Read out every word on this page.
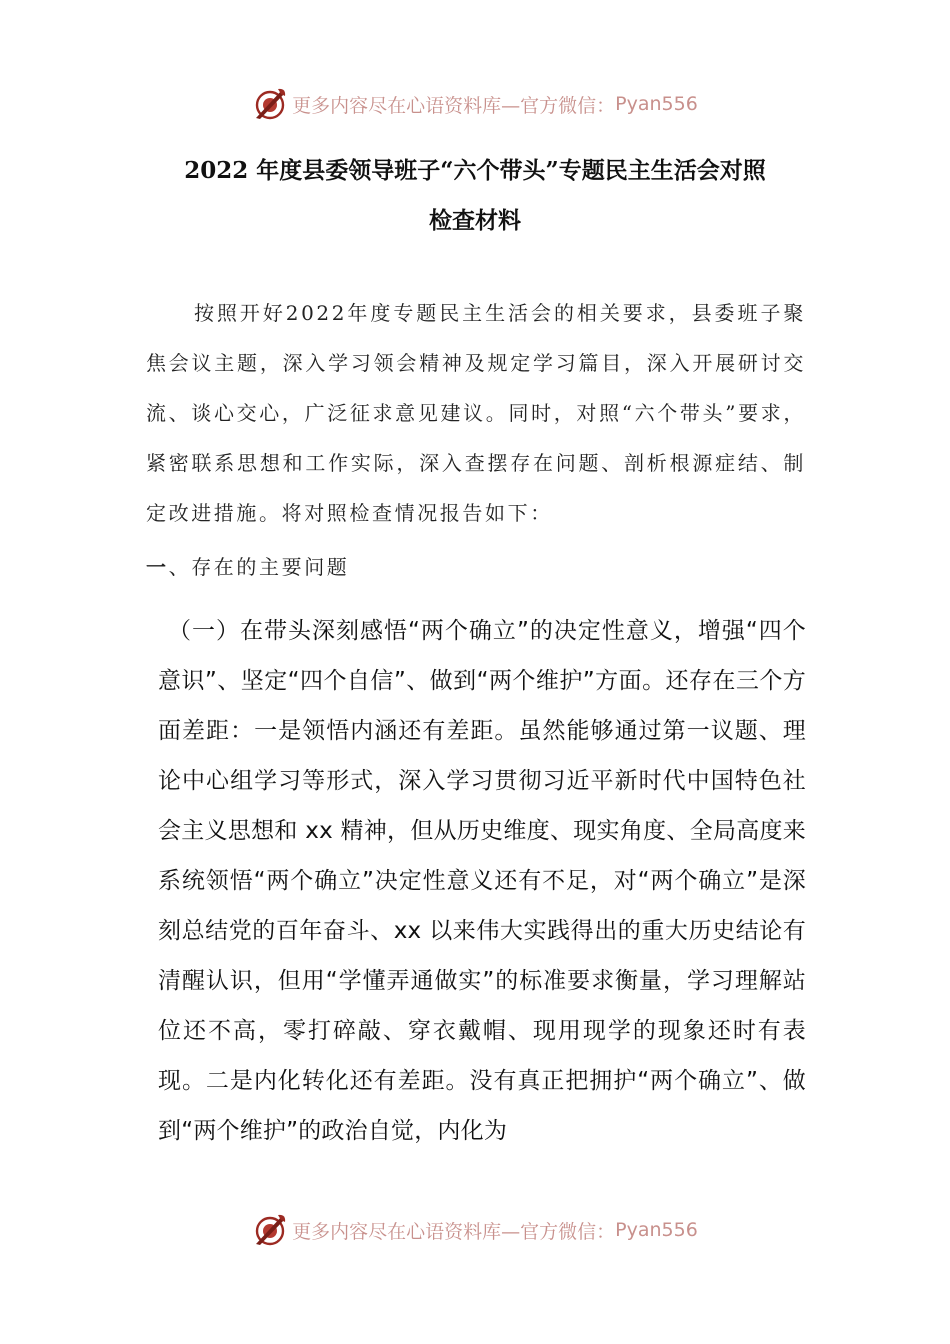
更多内容尽在心语资料库—官方微信： Pyan556
2022 年度县委领导班子“六个带头”专题民主生活会对照
检查材料
按照开好2022年度专题民主生活会的相关要求，县委班子聚焦会议主题，深入学习领会精神及规定学习篇目，深入开展研讨交流、谈心交心，广泛征求意见建议。同时，对照“六个带头”要求，紧密联系思想和工作实际，深入查摆存在问题、剖析根源症结、制定改进措施。将对照检查情况报告如下：
一、存在的主要问题
（一）在带头深刻感悟“两个确立”的决定性意义，增强“四个意识”、坚定“四个自信”、做到“两个维护”方面。还存在三个方面差距：一是领悟内涵还有差距。虽然能够通过第一议题、理论中心组学习等形式，深入学习贯彻习近平新时代中国特色社会主义思想和 xx 精神，但从历史维度、现实角度、全局高度来系统领悟“两个确立”决定性意义还有不足，对“两个确立”是深刻总结党的百年奋斗、xx 以来伟大实践得出的重大历史结论有清醒认识，但用“学懂弄通做实”的标准要求衡量，学习理解站位还不高，零打碎敲、穿衣戴帽、现用现学的现象还时有表现。二是内化转化还有差距。没有真正把拥护“两个确立”、做到“两个维护”的政治自觉，内化为
更多内容尽在心语资料库—官方微信： Pyan556
